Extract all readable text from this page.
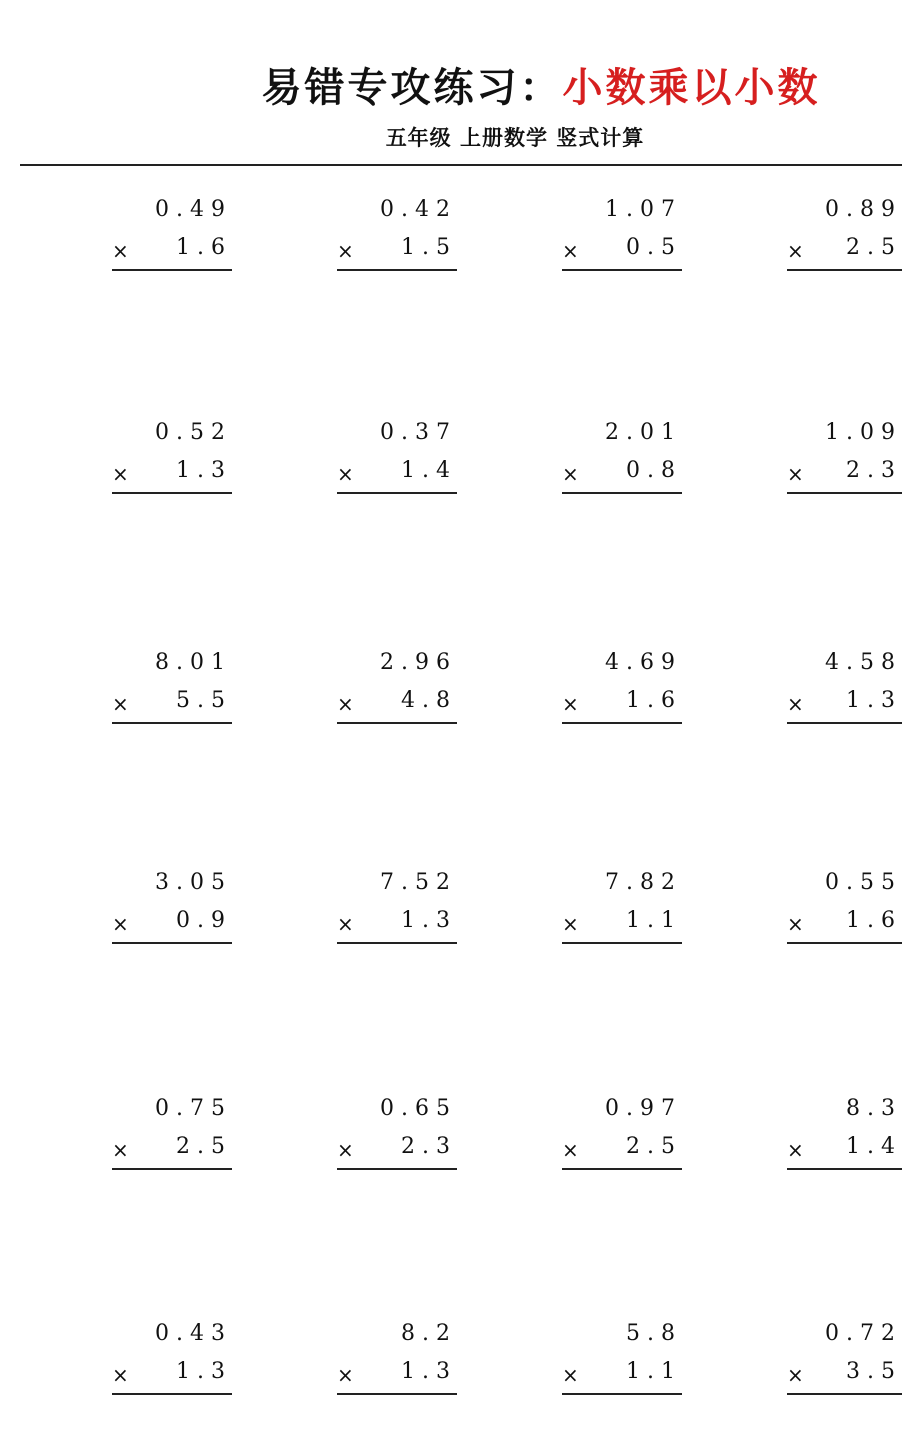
易错专攻练习： 小数乘以小数
五年级 上册数学 竖式计算
0.49
× 1.6
0.42
× 1.5
1.07
× 0.5
0.89
× 2.5
0.52
× 1.3
0.37
× 1.4
2.01
× 0.8
1.09
× 2.3
8.01
× 5.5
2.96
× 4.8
4.69
× 1.6
4.58
× 1.3
3.05
× 0.9
7.52
× 1.3
7.82
× 1.1
0.55
× 1.6
0.75
× 2.5
0.65
× 2.3
0.97
× 2.5
8.3
× 1.4
0.43
× 1.3
8.2
× 1.3
5.8
× 1.1
0.72
× 3.5
